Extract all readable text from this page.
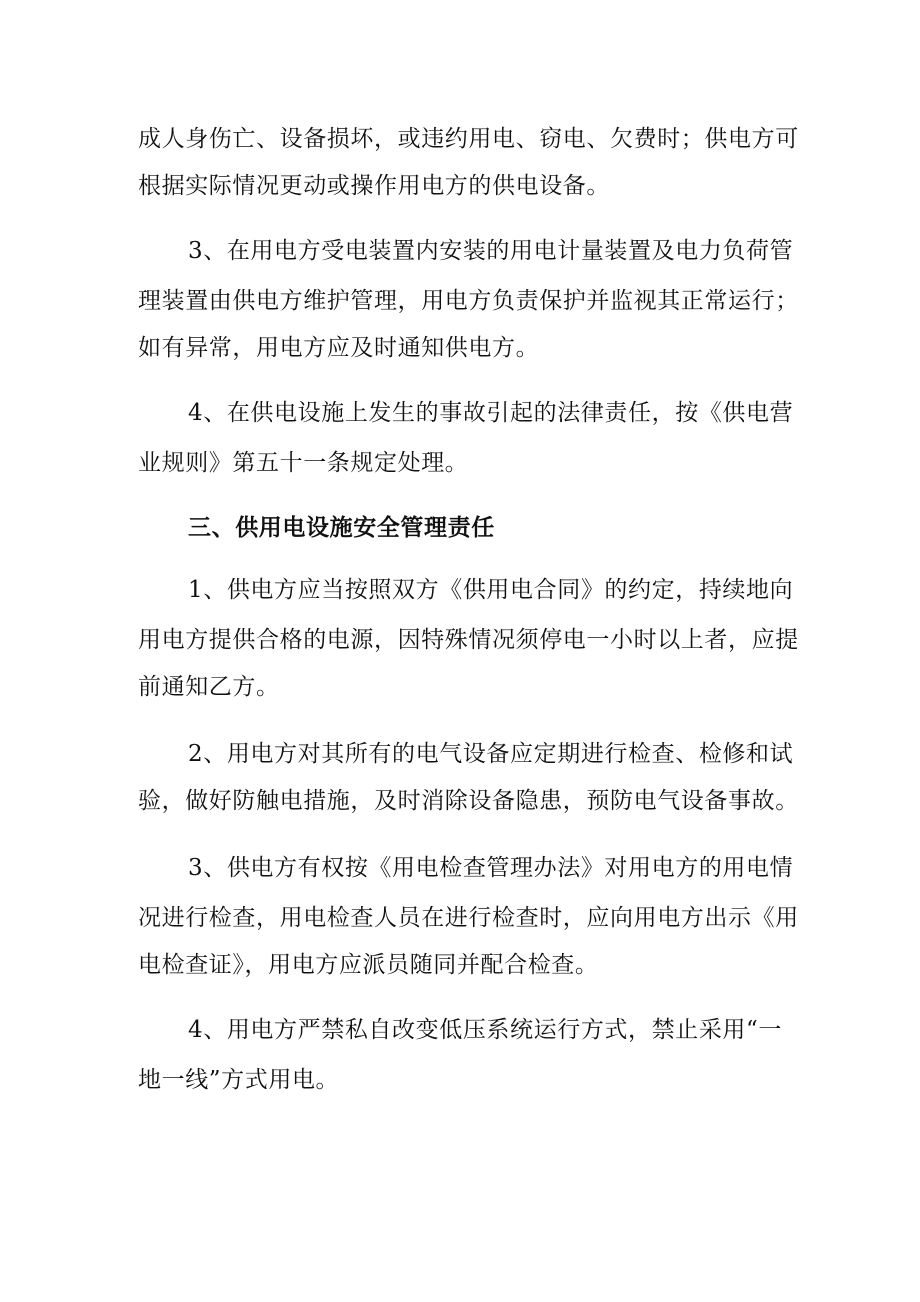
成人身伤亡、设备损坏，或违约用电、窃电、欠费时；供电方可
根据实际情况更动或操作用电方的供电设备。
3、在用电方受电装置内安装的用电计量装置及电力负荷管
理装置由供电方维护管理，用电方负责保护并监视其正常运行；
如有异常，用电方应及时通知供电方。
4、在供电设施上发生的事故引起的法律责任，按《供电营
业规则》第五十一条规定处理。
三、供用电设施安全管理责任
1、供电方应当按照双方《供用电合同》的约定，持续地向
用电方提供合格的电源，因特殊情况须停电一小时以上者，应提
前通知乙方。
2、用电方对其所有的电气设备应定期进行检查、检修和试
验，做好防触电措施，及时消除设备隐患，预防电气设备事故。
3、供电方有权按《用电检查管理办法》对用电方的用电情
况进行检查，用电检查人员在进行检查时，应向用电方出示《用
电检查证》，用电方应派员随同并配合检查。
4、用电方严禁私自改变低压系统运行方式，禁止采用“一
地一线”方式用电。
